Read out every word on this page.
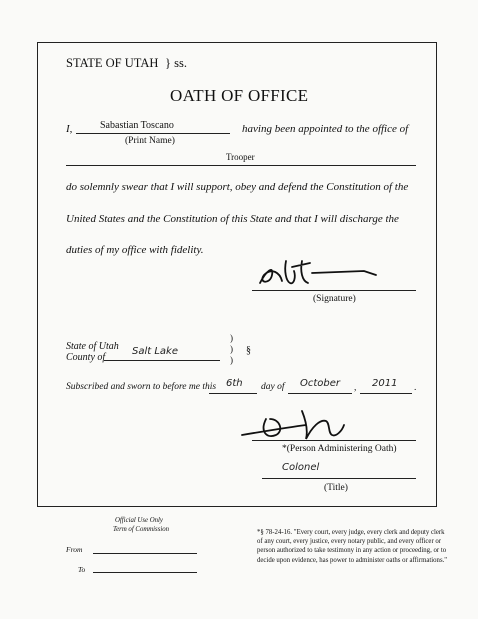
STATE OF UTAH } ss.
OATH OF OFFICE
I,	Sabastian Toscano
(Print Name)
having been appointed to the office of
Trooper
do solemnly swear that I will support, obey and defend the Constitution of the
United States and the Constitution of this State and that I will discharge the
duties of my office with fidelity.
(Signature)
State of Utah
County of
Salt Lake
)
)
)
§
Subscribed and sworn to before me this 6th day of October , 2011 .
*(Person Administering Oath)
Colonel
(Title)
Official Use Only
Term of Commission
From
To
*§ 78-24-16. "Every court, every judge, every clerk and deputy clerk of any court, every justice, every notary public, and every officer or person authorized to take testimony in any action or proceeding, or to decide upon evidence, has power to administer oaths or affirmations."
